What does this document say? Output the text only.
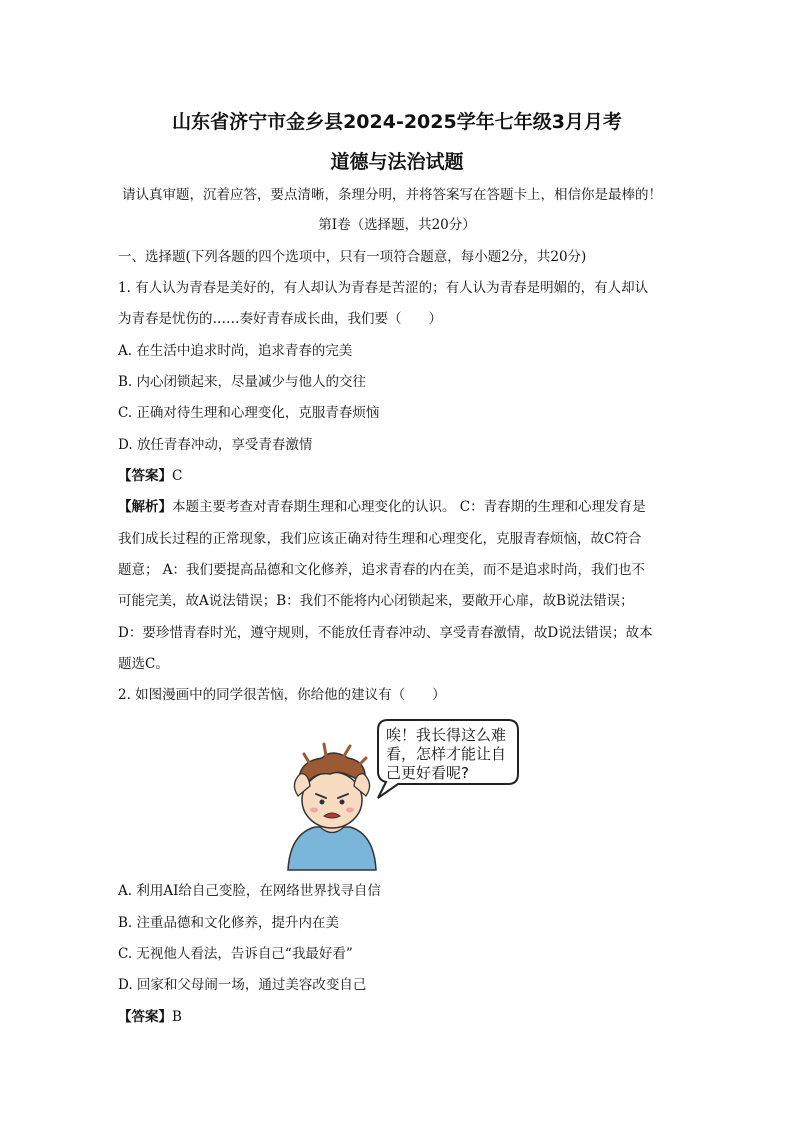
山东省济宁市金乡县2024-2025学年七年级3月月考
道德与法治试题
请认真审题，沉着应答，要点清晰，条理分明，并将答案写在答题卡上，相信你是最棒的！
第Ⅰ卷（选择题，共20分）
一、选择题(下列各题的四个选项中，只有一项符合题意，每小题2分，共20分)
1. 有人认为青春是美好的，有人却认为青春是苦涩的；有人认为青春是明媚的，有人却认
为青春是忧伤的……奏好青春成长曲，我们要（　　）
A. 在生活中追求时尚，追求青春的完美
B. 内心闭锁起来，尽量减少与他人的交往
C. 正确对待生理和心理变化，克服青春烦恼
D. 放任青春冲动，享受青春激情
【答案】C
【解析】本题主要考查对青春期生理和心理变化的认识。 C：青春期的生理和心理发育是
我们成长过程的正常现象，我们应该正确对待生理和心理变化，克服青春烦恼，故C符合
题意； A：我们要提高品德和文化修养，追求青春的内在美，而不是追求时尚，我们也不
可能完美，故A说法错误；B：我们不能将内心闭锁起来，要敞开心扉，故B说法错误；
D：要珍惜青春时光，遵守规则，不能放任青春冲动、享受青春激情，故D说法错误；故本
题选C。
2. 如图漫画中的同学很苦恼，你给他的建议有（　　）
唉！我长得这么难
看，怎样才能让自
己更好看呢?
A. 利用AI给自己变脸，在网络世界找寻自信
B. 注重品德和文化修养，提升内在美
C. 无视他人看法，告诉自己“我最好看”
D. 回家和父母闹一场，通过美容改变自己
【答案】B
